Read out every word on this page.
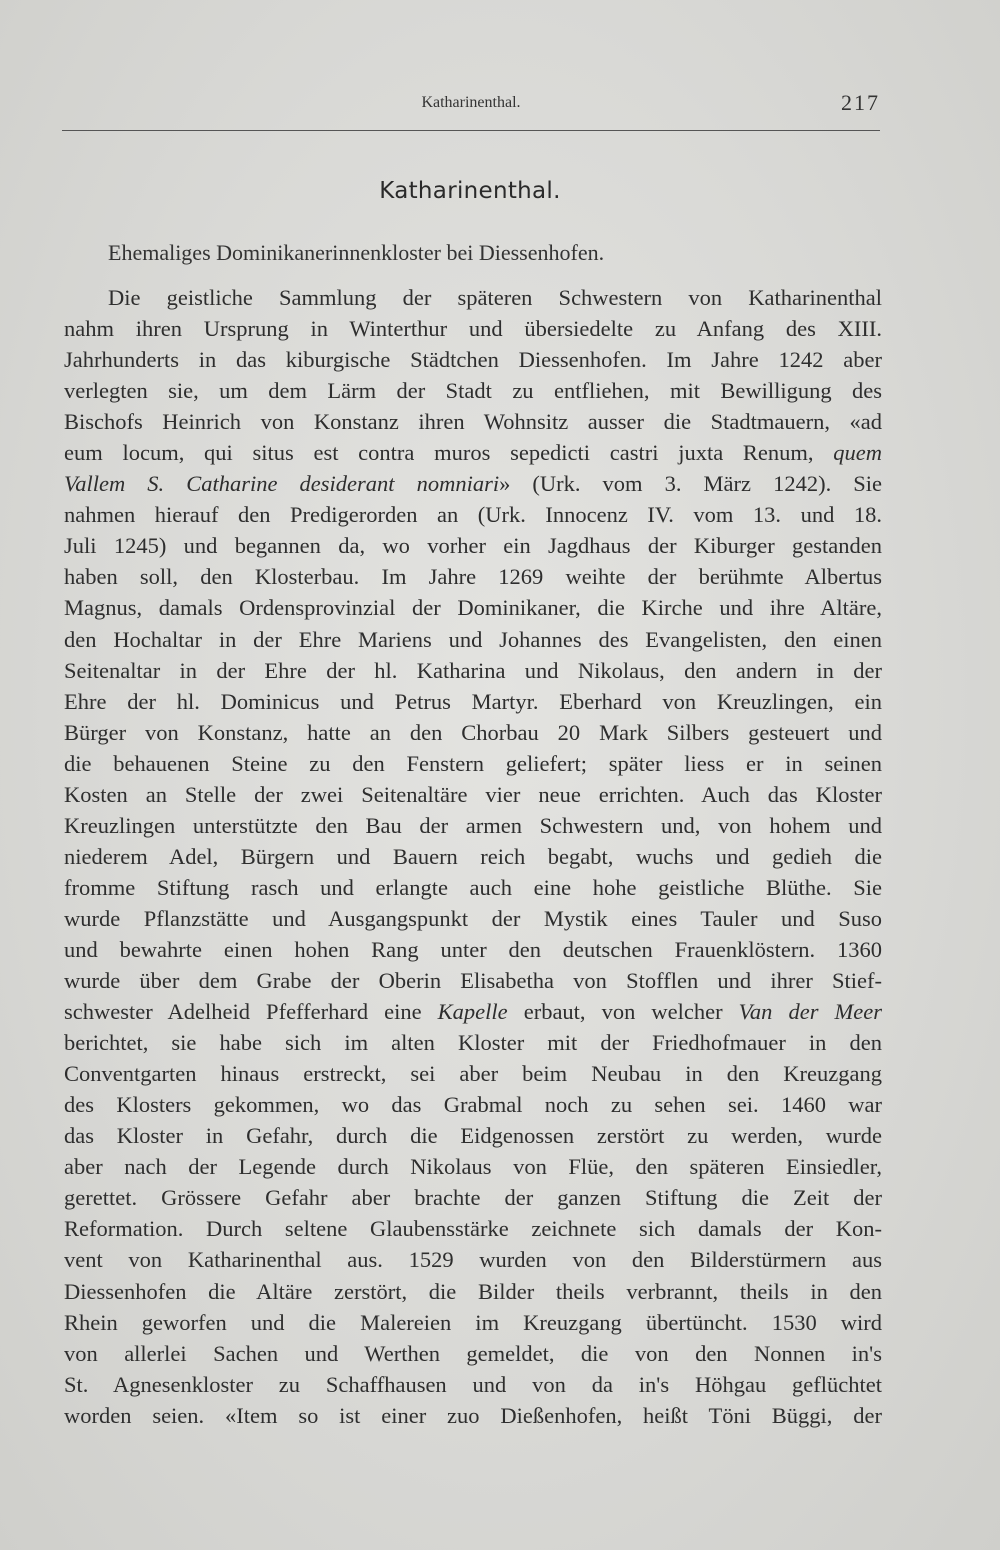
Katharinenthal.	217
Katharinenthal.
Ehemaliges Dominikanerinnenkloster bei Diessenhofen.
Die geistliche Sammlung der späteren Schwestern von Katharinenthal
nahm ihren Ursprung in Winterthur und übersiedelte zu Anfang des XIII.
Jahrhunderts in das kiburgische Städtchen Diessenhofen. Im Jahre 1242 aber
verlegten sie, um dem Lärm der Stadt zu entfliehen, mit Bewilligung des
Bischofs Heinrich von Konstanz ihren Wohnsitz ausser die Stadtmauern, «ad
eum locum, qui situs est contra muros sepedicti castri juxta Renum, quem
Vallem S. Catharine desiderant nomniari» (Urk. vom 3. März 1242). Sie
nahmen hierauf den Predigerorden an (Urk. Innocenz IV. vom 13. und 18.
Juli 1245) und begannen da, wo vorher ein Jagdhaus der Kiburger gestanden
haben soll, den Klosterbau. Im Jahre 1269 weihte der berühmte Albertus
Magnus, damals Ordensprovinzial der Dominikaner, die Kirche und ihre Altäre,
den Hochaltar in der Ehre Mariens und Johannes des Evangelisten, den einen
Seitenaltar in der Ehre der hl. Katharina und Nikolaus, den andern in der
Ehre der hl. Dominicus und Petrus Martyr. Eberhard von Kreuzlingen, ein
Bürger von Konstanz, hatte an den Chorbau 20 Mark Silbers gesteuert und
die behauenen Steine zu den Fenstern geliefert; später liess er in seinen
Kosten an Stelle der zwei Seitenaltäre vier neue errichten. Auch das Kloster
Kreuzlingen unterstützte den Bau der armen Schwestern und, von hohem und
niederem Adel, Bürgern und Bauern reich begabt, wuchs und gedieh die
fromme Stiftung rasch und erlangte auch eine hohe geistliche Blüthe. Sie
wurde Pflanzstätte und Ausgangspunkt der Mystik eines Tauler und Suso
und bewahrte einen hohen Rang unter den deutschen Frauenklöstern. 1360
wurde über dem Grabe der Oberin Elisabetha von Stofflen und ihrer Stief-
schwester Adelheid Pfefferhard eine Kapelle erbaut, von welcher Van der Meer
berichtet, sie habe sich im alten Kloster mit der Friedhofmauer in den
Conventgarten hinaus erstreckt, sei aber beim Neubau in den Kreuzgang
des Klosters gekommen, wo das Grabmal noch zu sehen sei. 1460 war
das Kloster in Gefahr, durch die Eidgenossen zerstört zu werden, wurde
aber nach der Legende durch Nikolaus von Flüe, den späteren Einsiedler,
gerettet. Grössere Gefahr aber brachte der ganzen Stiftung die Zeit der
Reformation. Durch seltene Glaubensstärke zeichnete sich damals der Kon-
vent von Katharinenthal aus. 1529 wurden von den Bilderstürmern aus
Diessenhofen die Altäre zerstört, die Bilder theils verbrannt, theils in den
Rhein geworfen und die Malereien im Kreuzgang übertüncht. 1530 wird
von allerlei Sachen und Werthen gemeldet, die von den Nonnen in's
St. Agnesenkloster zu Schaffhausen und von da in's Höhgau geflüchtet
worden seien. «Item so ist einer zuo Dießenhofen, heißt Töni Büggi, der
